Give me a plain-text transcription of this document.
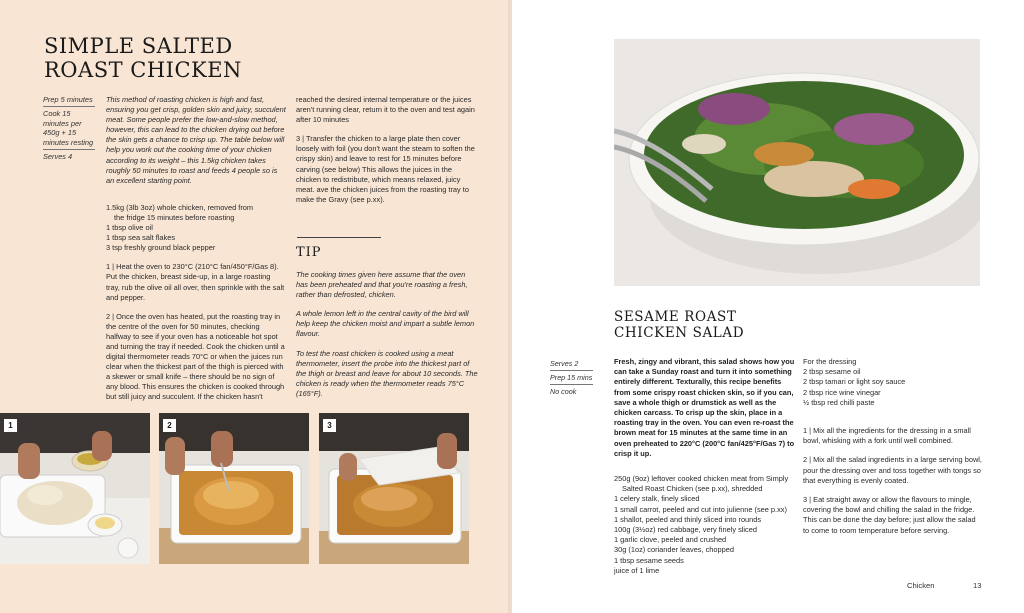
SIMPLE SALTED
ROAST CHICKEN
Prep 5 minutes
Cook 15 minutes per 450g + 15 minutes resting
Serves 4

This method of roasting chicken is high and fast, ensuring you get crisp, golden skin and juicy, succulent meat. Some people prefer the low-and-slow method, however, this can lead to the chicken drying out before the skin gets a chance to crisp up. The table below will help you work out the cooking time of your chicken according to its weight – this 1.5kg chicken takes roughly 50 minutes to roast and feeds 4 people so is an excellent starting point.

1.5kg (3lb 3oz) whole chicken, removed from
the fridge 15 minutes before roasting
1 tbsp olive oil
1 tbsp sea salt flakes
3 tsp freshly ground black pepper

1 | Heat the oven to 230°C (210°C fan/450°F/Gas 8). Put the chicken, breast side-up, in a large roasting tray, rub the olive oil all over, then sprinkle with the salt and pepper.

2 | Once the oven has heated, put the roasting tray in the centre of the oven for 50 minutes, checking halfway to see if your oven has a noticeable hot spot and turning the tray if needed. Cook the chicken until a digital thermometer reads 70°C or when the juices run clear when the thickest part of the thigh is pierced with a skewer or small knife – there should be no sign of any blood. This ensures the chicken is cooked through but still juicy and succulent. If the chicken hasn't

reached the desired internal temperature or the juices aren't running clear, return it to the oven and test again after 10 minutes

3 | Transfer the chicken to a large plate then cover loosely with foil (you don't want the steam to soften the crispy skin) and leave to rest for 15 minutes before carving (see below) This allows the juices in the chicken to redistribute, which means relaxed, juicy meat. ave the chicken juices from the roasting tray to make the Gravy (see p.xx).

TIP

The cooking times given here assume that the oven has been preheated and that you're roasting a fresh, rather than defrosted, chicken.

A whole lemon left in the central cavity of the bird will help keep the chicken moist and impart a subtle lemon flavour.

To test the roast chicken is cooked using a meat thermometer, insert the probe into the thickest part of the thigh or breast and leave for about 10 seconds. The chicken is ready when the thermometer reads 75°C (165°F).

1	2	3
SESAME ROAST
CHICKEN SALAD
Serves 2
Prep 15 mins
No cook

Fresh, zingy and vibrant, this salad shows how you can take a Sunday roast and turn it into something entirely different. Texturally, this recipe benefits from some crispy roast chicken skin, so if you can, save a whole thigh or drumstick as well as the chicken carcass. To crisp up the skin, place in a roasting tray in the oven. You can even re-roast the brown meat for 15 minutes at the same time in an oven preheated to 220°C (200°C fan/425°F/Gas 7) to crisp it up.

250g (9oz) leftover cooked chicken meat from Simply
Salted Roast Chicken (see p.xx), shredded
1 celery stalk, finely sliced
1 small carrot, peeled and cut into julienne (see p.xx)
1 shallot, peeled and thinly sliced into rounds
100g (3½oz) red cabbage, very finely sliced
1 garlic clove, peeled and crushed
30g (1oz) coriander leaves, chopped
1 tbsp sesame seeds
juice of 1 lime
For the dressing
2 tbsp sesame oil
2 tbsp tamari or light soy sauce
2 tbsp rice wine vinegar
½ tbsp red chilli paste

1 | Mix all the ingredients for the dressing in a small bowl, whisking with a fork until well combined.

2 | Mix all the salad ingredients in a large serving bowl, pour the dressing over and toss together with tongs so that everything is evenly coated.

3 | Eat straight away or allow the flavours to mingle, covering the bowl and chilling the salad in the fridge. This can be done the day before; just allow the salad to come to room temperature before serving.

Chicken	13
